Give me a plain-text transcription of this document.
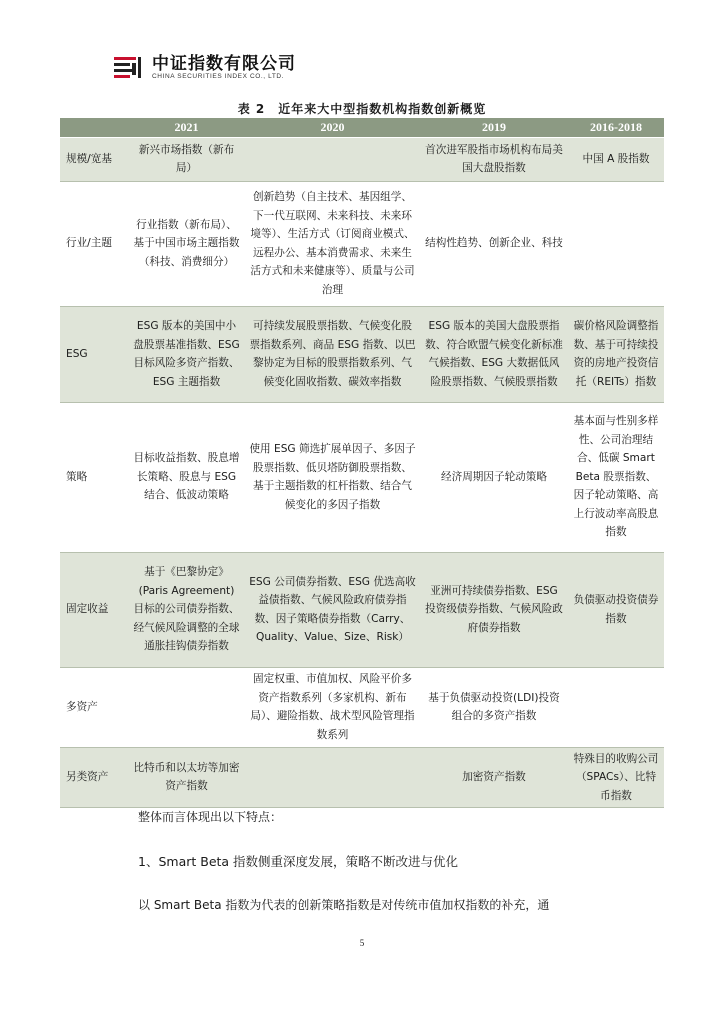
中证指数有限公司
CHINA SECURITIES INDEX CO., LTD.
表 2　近年来大中型指数机构指数创新概览
	2021	2020	2019	2016-2018
规模/宽基	新兴市场指数（新布局）		首次进军股指市场机构布局美国大盘股指数	中国 A 股指数
行业/主题	行业指数（新布局）、基于中国市场主题指数（科技、消费细分）	创新趋势（自主技术、基因组学、下一代互联网、未来科技、未来环境等）、生活方式（订阅商业模式、远程办公、基本消费需求、未来生活方式和未来健康等）、质量与公司治理	结构性趋势、创新企业、科技	
ESG	ESG 版本的美国中小盘股票基准指数、ESG 目标风险多资产指数、ESG 主题指数	可持续发展股票指数、气候变化股票指数系列、商品 ESG 指数、以巴黎协定为目标的股票指数系列、气候变化固收指数、碳效率指数	ESG 版本的美国大盘股票指数、符合欧盟气候变化新标准气候指数、ESG 大数据低风险股票指数、气候股票指数	碳价格风险调整指数、基于可持续投资的房地产投资信托（REITs）指数
策略	目标收益指数、股息增长策略、股息与 ESG 结合、低波动策略	使用 ESG 筛选扩展单因子、多因子股票指数、低贝塔防御股票指数、基于主题指数的杠杆指数、结合气候变化的多因子指数	经济周期因子轮动策略	基本面与性别多样性、公司治理结合、低碳 Smart Beta 股票指数、因子轮动策略、高上行波动率高股息指数
固定收益	基于《巴黎协定》(Paris Agreement) 目标的公司债券指数、经气候风险调整的全球通胀挂钩债券指数	ESG 公司债券指数、ESG 优选高收益债指数、气候风险政府债券指数、因子策略债券指数（Carry、Quality、Value、Size、Risk）	亚洲可持续债券指数、ESG 投资级债券指数、气候风险政府债券指数	负债驱动投资债券指数
多资产		固定权重、市值加权、风险平价多资产指数系列（多家机构、新布局）、避险指数、战术型风险管理指数系列	基于负债驱动投资(LDI)投资组合的多资产指数	
另类资产	比特币和以太坊等加密资产指数		加密资产指数	特殊目的收购公司（SPACs）、比特币指数
整体而言体现出以下特点：
1、Smart Beta 指数侧重深度发展，策略不断改进与优化
以 Smart Beta 指数为代表的创新策略指数是对传统市值加权指数的补充，通
5
